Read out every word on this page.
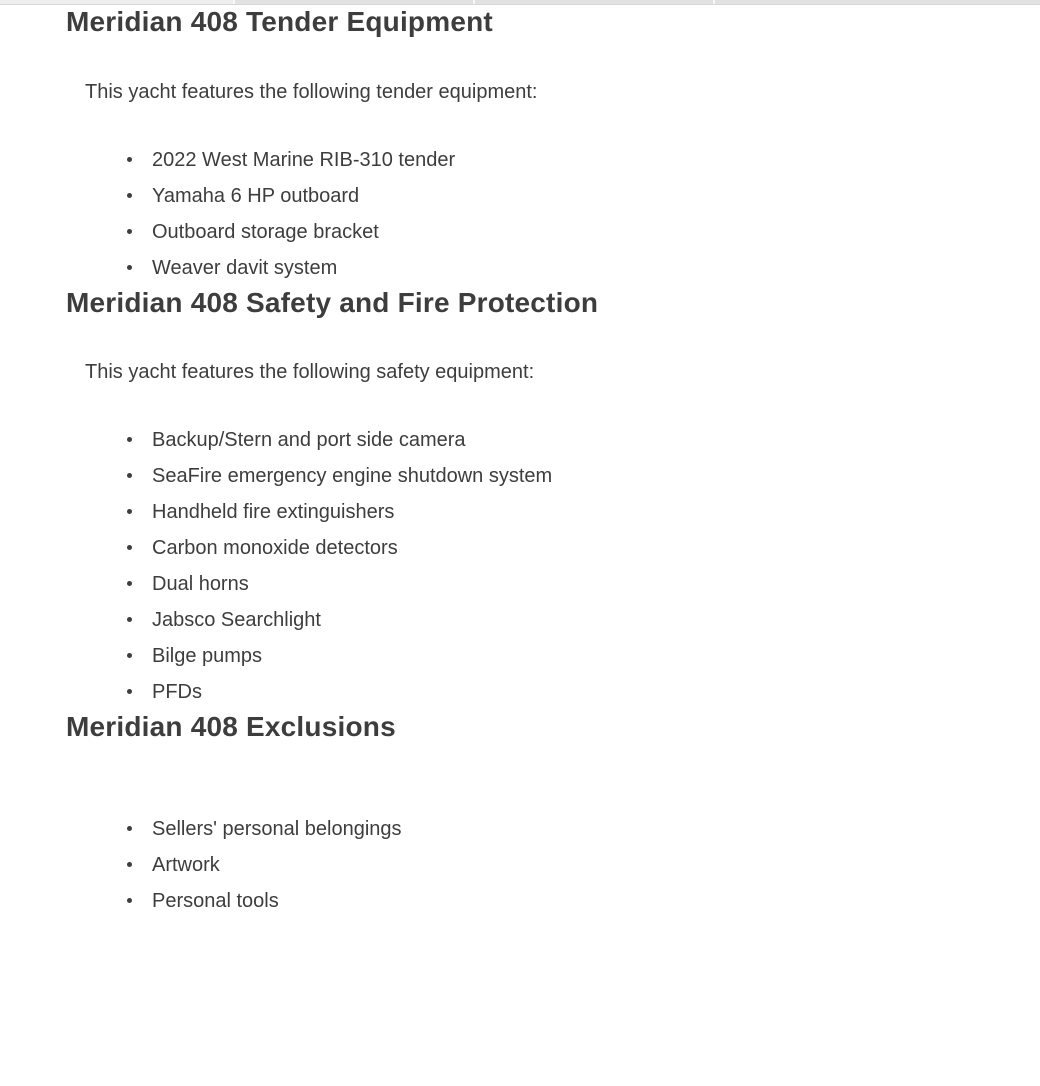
Meridian 408 Tender Equipment

This yacht features the following tender equipment:

2022 West Marine RIB-310 tender
Yamaha 6 HP outboard
Outboard storage bracket
Weaver davit system
Meridian 408 Safety and Fire Protection

This yacht features the following safety equipment:

Backup/Stern and port side camera
SeaFire emergency engine shutdown system
Handheld fire extinguishers
Carbon monoxide detectors
Dual horns
Jabsco Searchlight
Bilge pumps
PFDs
Meridian 408 Exclusions
Sellers' personal belongings
Artwork
Personal tools
